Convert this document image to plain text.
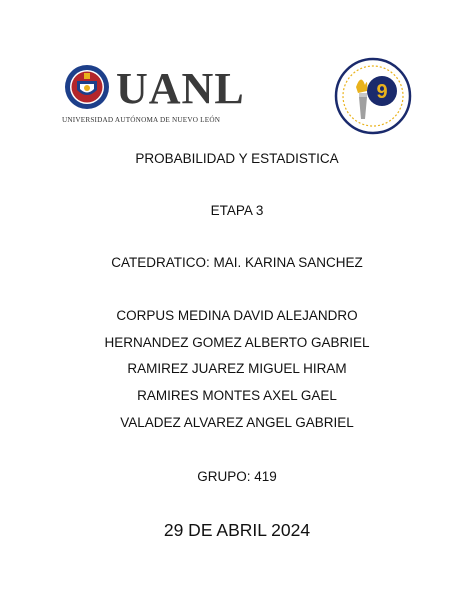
UANL
UNIVERSIDAD AUTÓNOMA DE NUEVO LEÓN
9
PROBABILIDAD Y ESTADISTICA
ETAPA 3
CATEDRATICO: MAI. KARINA SANCHEZ
CORPUS MEDINA DAVID ALEJANDRO
HERNANDEZ GOMEZ ALBERTO GABRIEL
RAMIREZ JUAREZ MIGUEL HIRAM
RAMIRES MONTES AXEL GAEL
VALADEZ ALVAREZ ANGEL GABRIEL
GRUPO: 419
29 DE ABRIL 2024
